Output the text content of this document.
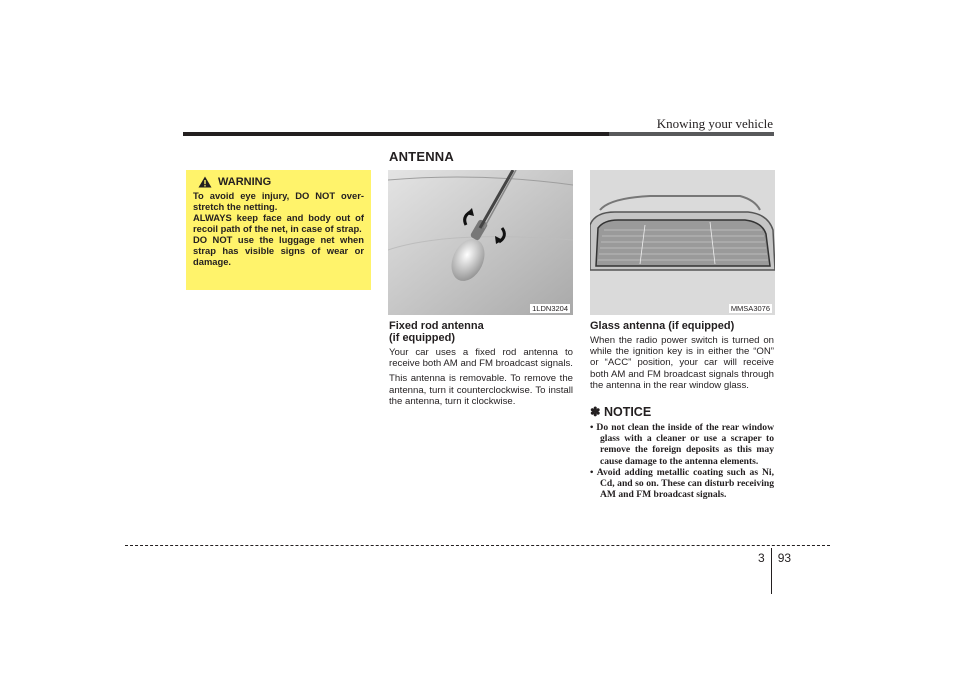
Knowing your vehicle
ANTENNA
WARNING
To avoid eye injury, DO NOT over-stretch the netting.
ALWAYS keep face and body out of recoil path of the net, in case of strap.
DO NOT use the luggage net when strap has visible signs of wear or damage.
1LDN3204	MMSA3076
Fixed rod antenna
(if equipped)
Your car uses a fixed rod antenna to receive both AM and FM broadcast signals.
This antenna is removable. To remove the antenna, turn it counterclockwise. To install the antenna, turn it clockwise.
Glass antenna (if equipped)
When the radio power switch is turned on while the ignition key is in either the “ON” or “ACC” position, your car will receive both AM and FM broadcast signals through the antenna in the rear window glass.
✽ NOTICE
• Do not clean the inside of the rear window glass with a cleaner or use a scraper to remove the foreign deposits as this may cause damage to the antenna elements.
• Avoid adding metallic coating such as Ni, Cd, and so on. These can disturb receiving AM and FM broadcast signals.
3 93
